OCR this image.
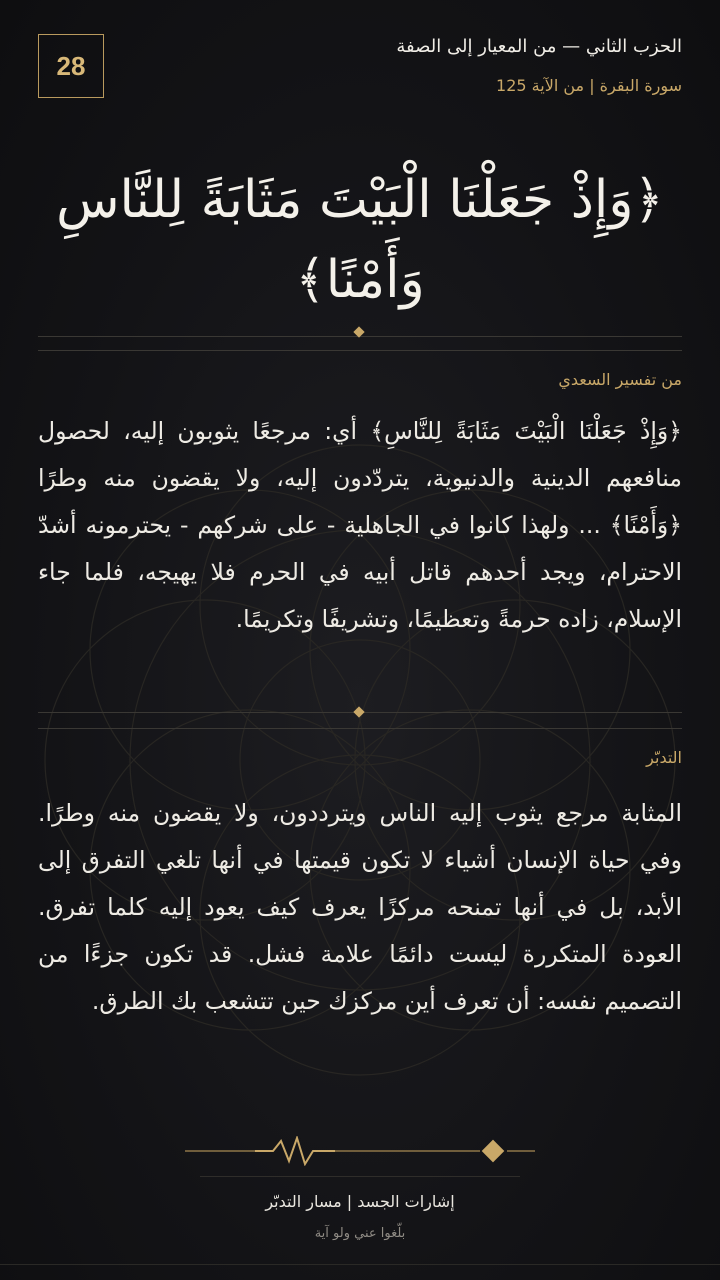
28
الحزب الثاني — من المعيار إلى الصفة
سورة البقرة | من الآية 125
﴿وَإِذْ جَعَلْنَا الْبَيْتَ مَثَابَةً لِلنَّاسِ
وَأَمْنًا﴾
من تفسير السعدي
﴿وَإِذْ جَعَلْنَا الْبَيْتَ مَثَابَةً لِلنَّاسِ﴾ أي: مرجعًا يثوبون إليه، لحصول منافعهم الدينية والدنيوية، يتردّدون إليه، ولا يقضون منه وطرًا ﴿وَأَمْنًا﴾ ... ولهذا كانوا في الجاهلية - على شركهم - يحترمونه أشدّ الاحترام، ويجد أحدهم قاتل أبيه في الحرم فلا يهيجه، فلما جاء الإسلام، زاده حرمةً وتعظيمًا، وتشريفًا وتكريمًا.
التدبّر
المثابة مرجع يثوب إليه الناس ويترددون، ولا يقضون منه وطرًا. وفي حياة الإنسان أشياء لا تكون قيمتها في أنها تلغي التفرق إلى الأبد، بل في أنها تمنحه مركزًا يعرف كيف يعود إليه كلما تفرق. العودة المتكررة ليست دائمًا علامة فشل. قد تكون جزءًا من التصميم نفسه: أن تعرف أين مركزك حين تتشعب بك الطرق.
إشارات الجسد | مسار التدبّر
بلّغوا عني ولو آية
